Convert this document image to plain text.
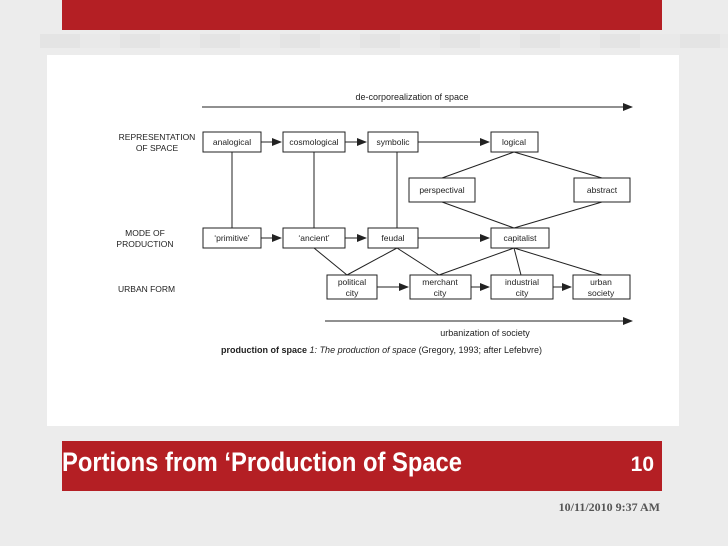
de-corporealization of space
REPRESENTATION
OF SPACE
MODE OF
PRODUCTION
URBAN FORM
analogical	cosmological	symbolic	logical
perspectival	abstract
‘primitive’	‘ancient’	feudal	capitalist
political
city
merchant
city
industrial
city
urban
society
urbanization of society
production of space 1: The production of space (Gregory, 1993; after Lefebvre)
Portions from ‘Production of Space	10
10/11/2010 9:37 AM
